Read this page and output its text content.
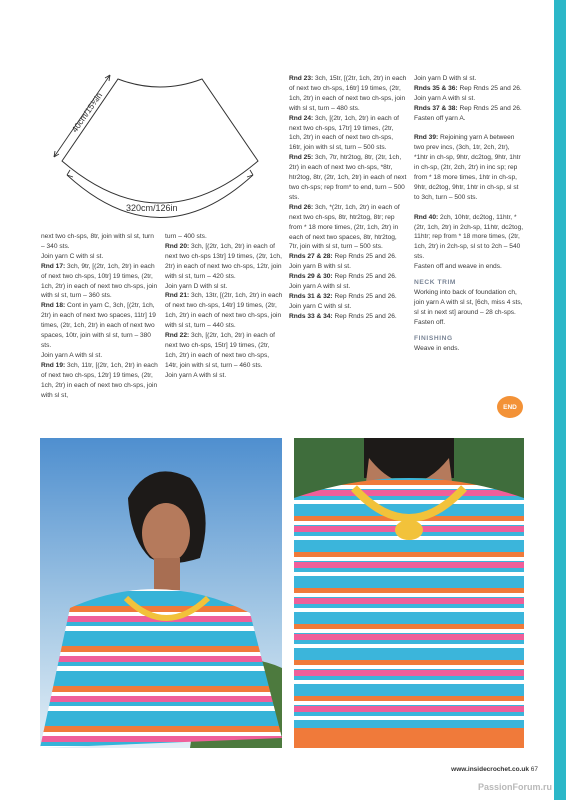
40cm/15¾in
320cm/126in

next two ch-sps, 8tr, join with sl st, turn – 340 sts.

Join yarn C with sl st.

Rnd 17: 3ch, 9tr, [(2tr, 1ch, 2tr) in each of next two ch-sps, 10tr] 19 times, (2tr, 1ch, 2tr) in each of next two ch-sps, join with sl st, turn – 360 sts.

Rnd 18: Cont in yarn C, 3ch, [(2tr, 1ch, 2tr) in each of next two spaces, 11tr] 19 times, (2tr, 1ch, 2tr) in each of next two spaces, 10tr, join with sl st, turn – 380 sts.

Join yarn A with sl st.

Rnd 19: 3ch, 11tr, [(2tr, 1ch, 2tr) in each of next two ch-sps, 12tr] 19 times, (2tr, 1ch, 2tr) in each of next two ch-sps, join with sl st,

turn – 400 sts.

Rnd 20: 3ch, [(2tr, 1ch, 2tr) in each of next two ch-sps 13tr] 19 times, (2tr, 1ch, 2tr) in each of next two ch-sps, 12tr, join with sl st, turn – 420 sts.

Join yarn D with sl st.

Rnd 21: 3ch, 13tr, [(2tr, 1ch, 2tr) in each of next two ch-sps, 14tr] 19 times, (2tr, 1ch, 2tr) in each of next two ch-sps, join with sl st, turn – 440 sts.

Rnd 22: 3ch, [(2tr, 1ch, 2tr) in each of next two ch-sps, 15tr] 19 times, (2tr, 1ch, 2tr) in each of next two ch-sps, 14tr, join with sl st, turn – 460 sts.

Join yarn A with sl st.

Rnd 23: 3ch, 15tr, [(2tr, 1ch, 2tr) in each of next two ch-sps, 16tr] 19 times, (2tr, 1ch, 2tr) in each of next two ch-sps, join with sl st, turn – 480 sts.

Rnd 24: 3ch, [(2tr, 1ch, 2tr) in each of next two ch-sps, 17tr] 19 times, (2tr, 1ch, 2tr) in each of next two ch-sps, 16tr, join with sl st, turn – 500 sts.

Rnd 25: 3ch, 7tr, htr2tog, 8tr, (2tr, 1ch, 2tr) in each of next two ch-sps, *8tr, htr2tog, 8tr, (2tr, 1ch, 2tr) in each of next two ch-sps; rep from* to end, turn – 500 sts.

Rnd 26: 3ch, *(2tr, 1ch, 2tr) in each of next two ch-sps, 8tr, htr2tog, 8tr; rep from * 18 more times, (2tr, 1ch, 2tr) in each of next two spaces, 8tr, htr2tog, 7tr, join with sl st, turn – 500 sts.

Rnds 27 & 28: Rep Rnds 25 and 26.

Join yarn B with sl st.

Rnds 29 & 30: Rep Rnds 25 and 26.

Join yarn A with sl st.

Rnds 31 & 32: Rep Rnds 25 and 26.

Join yarn C with sl st.

Rnds 33 & 34: Rep Rnds 25 and 26.

Join yarn D with sl st.

Rnds 35 & 36: Rep Rnds 25 and 26.

Join yarn A with sl st.

Rnds 37 & 38: Rep Rnds 25 and 26.

Fasten off yarn A.

Rnd 39: Rejoining yarn A between two prev incs, (3ch, 1tr, 2ch, 2tr), *1htr in ch-sp, 9htr, dc2tog, 9htr, 1htr in ch-sp, (2tr, 2ch, 2tr) in inc sp; rep from * 18 more times, 1htr in ch-sp, 9htr, dc2tog, 9htr, 1htr in ch-sp, sl st to 3ch, turn – 500 sts.

Rnd 40: 2ch, 10htr, dc2tog, 11htr, *(2tr, 1ch, 2tr) in 2ch-sp, 11htr, dc2tog, 11htr; rep from * 18 more times, (2tr, 1ch, 2tr) in 2ch-sp, sl st to 2ch – 540 sts.

Fasten off and weave in ends.

NECK TRIM

Working into back of foundation ch, join yarn A with sl st, [6ch, miss 4 sts, sl st in next st] around – 28 ch-sps. Fasten off.

FINISHING

Weave in ends.

END
www.insidecrochet.co.uk 67
PassionForum.ru
